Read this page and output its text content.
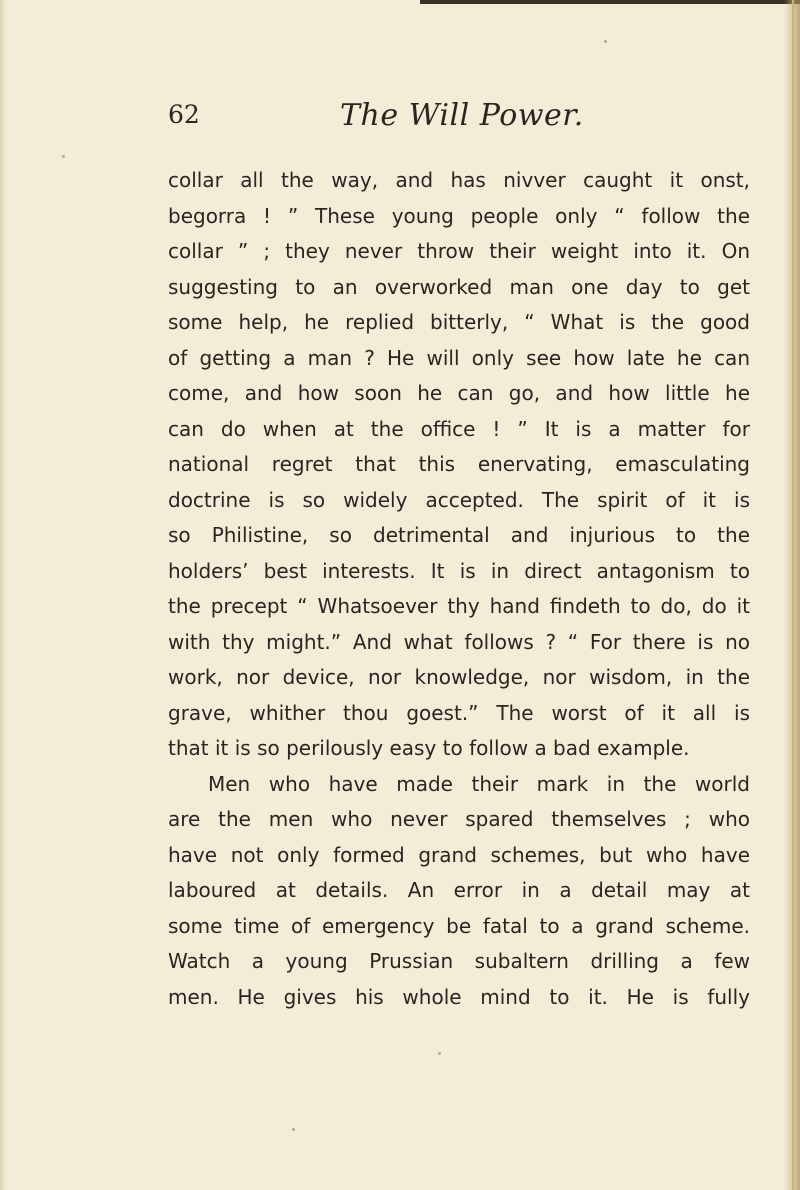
62	The Will Power.
collar all the way, and has nivver caught it onst,
begorra ! ” These young people only “ follow the
collar ” ; they never throw their weight into it. On
suggesting to an overworked man one day to get
some help, he replied bitterly, “ What is the good
of getting a man ? He will only see how late he can
come, and how soon he can go, and how little he
can do when at the office ! ” It is a matter for
national regret that this enervating, emasculating
doctrine is so widely accepted. The spirit of it is
so Philistine, so detrimental and injurious to the
holders’ best interests. It is in direct antagonism to
the precept “ Whatsoever thy hand findeth to do, do it
with thy might.” And what follows ? “ For there is no
work, nor device, nor knowledge, nor wisdom, in the
grave, whither thou goest.” The worst of it all is
that it is so perilously easy to follow a bad example.
Men who have made their mark in the world
are the men who never spared themselves ; who
have not only formed grand schemes, but who have
laboured at details. An error in a detail may at
some time of emergency be fatal to a grand scheme.
Watch a young Prussian subaltern drilling a few
men. He gives his whole mind to it. He is fully
